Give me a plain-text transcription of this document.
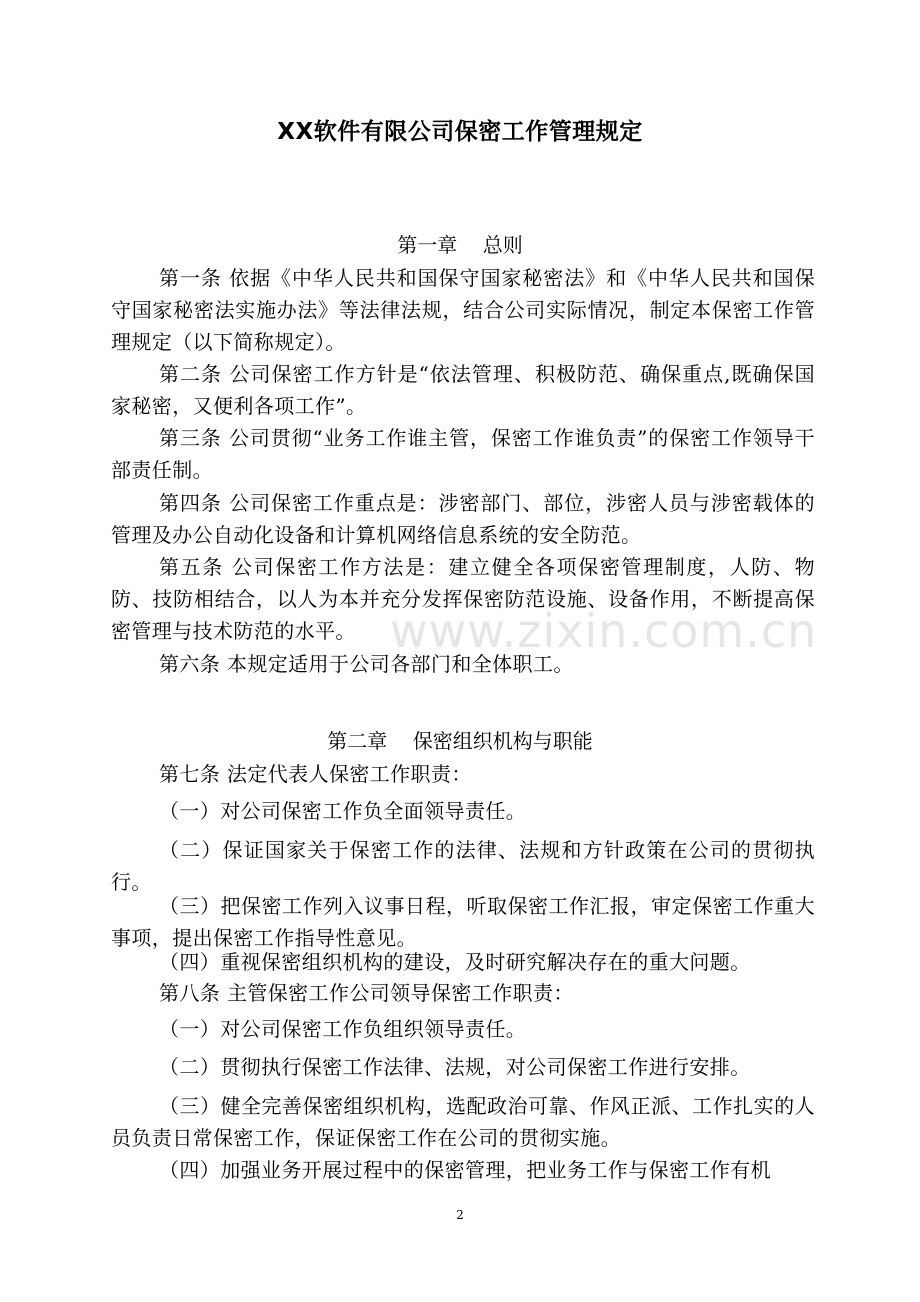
XX软件有限公司保密工作管理规定
第一章    总则
第一条 依据《中华人民共和国保守国家秘密法》和《中华人民共和国保守国家秘密法实施办法》等法律法规，结合公司实际情况，制定本保密工作管理规定（以下简称规定）。
第二条 公司保密工作方针是“依法管理、积极防范、确保重点,既确保国家秘密，又便利各项工作”。
第三条 公司贯彻“业务工作谁主管，保密工作谁负责”的保密工作领导干部责任制。
第四条 公司保密工作重点是：涉密部门、部位，涉密人员与涉密载体的管理及办公自动化设备和计算机网络信息系统的安全防范。
第五条 公司保密工作方法是：建立健全各项保密管理制度，人防、物防、技防相结合，以人为本并充分发挥保密防范设施、设备作用，不断提高保密管理与技术防范的水平。
第六条 本规定适用于公司各部门和全体职工。
第二章    保密组织机构与职能
第七条 法定代表人保密工作职责：
（一）对公司保密工作负全面领导责任。
（二）保证国家关于保密工作的法律、法规和方针政策在公司的贯彻执行。
（三）把保密工作列入议事日程，听取保密工作汇报，审定保密工作重大事项，提出保密工作指导性意见。
（四）重视保密组织机构的建设，及时研究解决存在的重大问题。
第八条 主管保密工作公司领导保密工作职责：
（一）对公司保密工作负组织领导责任。
（二）贯彻执行保密工作法律、法规，对公司保密工作进行安排。
（三）健全完善保密组织机构，选配政治可靠、作风正派、工作扎实的人员负责日常保密工作，保证保密工作在公司的贯彻实施。
（四）加强业务开展过程中的保密管理，把业务工作与保密工作有机
www.zixin.com.cn
2
